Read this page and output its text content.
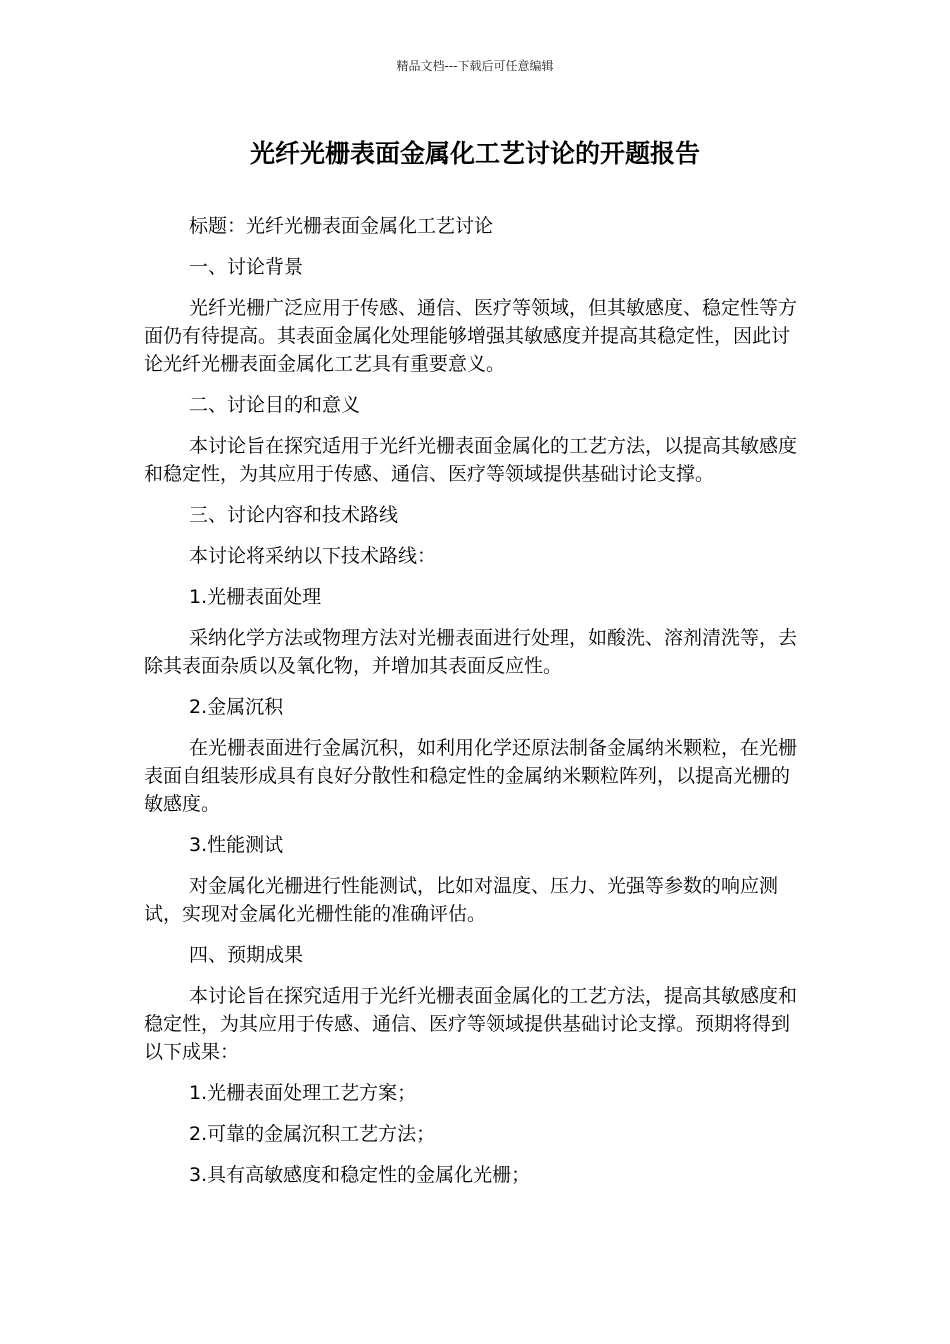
精品文档---下载后可任意编辑
光纤光栅表面金属化工艺讨论的开题报告

标题：光纤光栅表面金属化工艺讨论

一、讨论背景

光纤光栅广泛应用于传感、通信、医疗等领域，但其敏感度、稳定性等方面仍有待提高。其表面金属化处理能够增强其敏感度并提高其稳定性，因此讨论光纤光栅表面金属化工艺具有重要意义。

二、讨论目的和意义

本讨论旨在探究适用于光纤光栅表面金属化的工艺方法，以提高其敏感度和稳定性，为其应用于传感、通信、医疗等领域提供基础讨论支撑。

三、讨论内容和技术路线

本讨论将采纳以下技术路线：

1.光栅表面处理

采纳化学方法或物理方法对光栅表面进行处理，如酸洗、溶剂清洗等，去除其表面杂质以及氧化物，并增加其表面反应性。

2.金属沉积

在光栅表面进行金属沉积，如利用化学还原法制备金属纳米颗粒，在光栅表面自组装形成具有良好分散性和稳定性的金属纳米颗粒阵列，以提高光栅的敏感度。

3.性能测试

对金属化光栅进行性能测试，比如对温度、压力、光强等参数的响应测试，实现对金属化光栅性能的准确评估。

四、预期成果

本讨论旨在探究适用于光纤光栅表面金属化的工艺方法，提高其敏感度和稳定性，为其应用于传感、通信、医疗等领域提供基础讨论支撑。预期将得到以下成果：

1.光栅表面处理工艺方案；

2.可靠的金属沉积工艺方法；

3.具有高敏感度和稳定性的金属化光栅；
